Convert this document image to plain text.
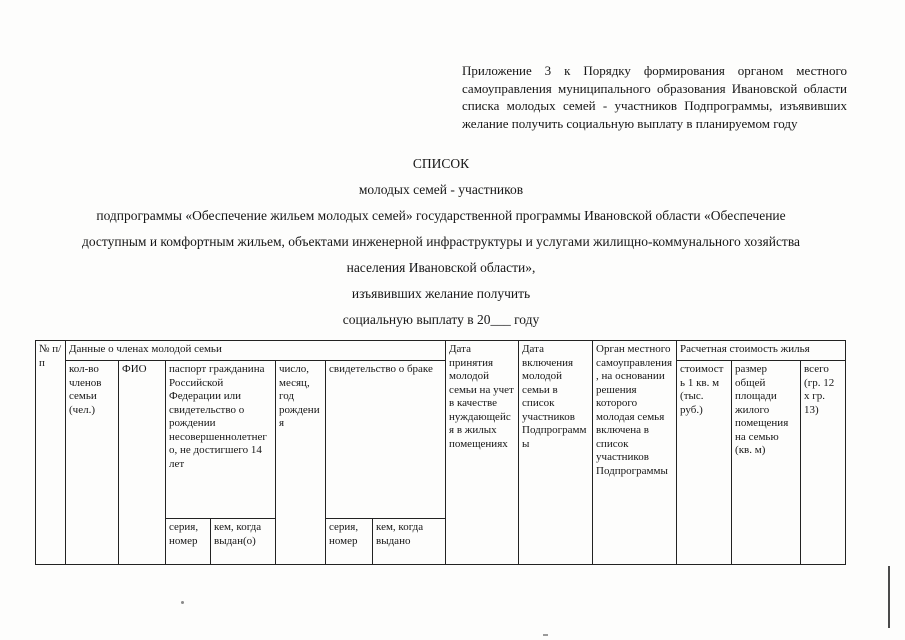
Приложение 3 к Порядку формирования органом местного самоуправления муниципального образования Ивановской области списка молодых семей - участников Подпрограммы, изъявивших желание получить социальную выплату в планируемом году
СПИСОК
молодых семей - участников
подпрограммы «Обеспечение жильем молодых семей» государственной программы Ивановской области «Обеспечение
доступным и комфортным жильем, объектами инженерной инфраструктуры и услугами жилищно-коммунального хозяйства
населения Ивановской области»,
изъявивших желание получить
социальную выплату в 20___ году
№ п/п	Данные о членах молодой семьи							Дата принятия молодой семьи на учет в качестве нуждающейся в жилых помещениях	Дата включения молодой семьи в список участников Подпрограммы	Орган местного самоуправления, на основании решения которого молодая семья включена в список участников Подпрограммы	Расчетная стоимость жилья		
	кол-во членов семьи (чел.)	ФИО	паспорт гражданина Российской Федерации или свидетельство о рождении несовершеннолетнего, не достигшего 14 лет		число, месяц, год рождения	свидетельство о браке					стоимость 1 кв. м (тыс. руб.)	размер общей площади жилого помещения на семью (кв. м)	всего (гр. 12 х гр. 13)
			серия, номер	кем, когда выдан(о)		серия, номер	кем, когда выдано						
